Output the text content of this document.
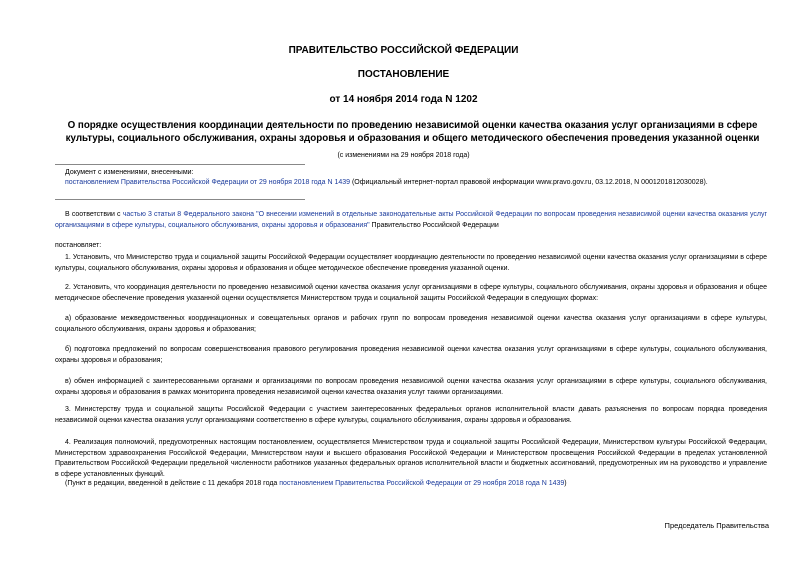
ПРАВИТЕЛЬСТВО РОССИЙСКОЙ ФЕДЕРАЦИИ
ПОСТАНОВЛЕНИЕ
от 14 ноября 2014 года N 1202
О порядке осуществления координации деятельности по проведению независимой оценки качества оказания услуг организациями в сфере культуры, социального обслуживания, охраны здоровья и образования и общего методического обеспечения проведения указанной оценки
(с изменениями на 29 ноября 2018 года)
Документ с изменениями, внесенными:
постановлением Правительства Российской Федерации от 29 ноября 2018 года N 1439 (Официальный интернет-портал правовой информации www.pravo.gov.ru, 03.12.2018, N 0001201812030028).
В соответствии с частью 3 статьи 8 Федерального закона "О внесении изменений в отдельные законодательные акты Российской Федерации по вопросам проведения независимой оценки качества оказания услуг организациями в сфере культуры, социального обслуживания, охраны здоровья и образования" Правительство Российской Федерации
постановляет:
1. Установить, что Министерство труда и социальной защиты Российской Федерации осуществляет координацию деятельности по проведению независимой оценки качества оказания услуг организациями в сфере культуры, социального обслуживания, охраны здоровья и образования и общее методическое обеспечение проведения указанной оценки.
2. Установить, что координация деятельности по проведению независимой оценки качества оказания услуг организациями в сфере культуры, социального обслуживания, охраны здоровья и образования и общее методическое обеспечение проведения указанной оценки осуществляется Министерством труда и социальной защиты Российской Федерации в следующих формах:
а) образование межведомственных координационных и совещательных органов и рабочих групп по вопросам проведения независимой оценки качества оказания услуг организациями в сфере культуры, социального обслуживания, охраны здоровья и образования;
б) подготовка предложений по вопросам совершенствования правового регулирования проведения независимой оценки качества оказания услуг организациями в сфере культуры, социального обслуживания, охраны здоровья и образования;
в) обмен информацией с заинтересованными органами и организациями по вопросам проведения независимой оценки качества оказания услуг организациями в сфере культуры, социального обслуживания, охраны здоровья и образования в рамках мониторинга проведения независимой оценки качества оказания услуг такими организациями.
3. Министерству труда и социальной защиты Российской Федерации с участием заинтересованных федеральных органов исполнительной власти давать разъяснения по вопросам порядка проведения независимой оценки качества оказания услуг организациями соответственно в сфере культуры, социального обслуживания, охраны здоровья и образования.
4. Реализация полномочий, предусмотренных настоящим постановлением, осуществляется Министерством труда и социальной защиты Российской Федерации, Министерством культуры Российской Федерации, Министерством здравоохранения Российской Федерации, Министерством науки и высшего образования Российской Федерации и Министерством просвещения Российской Федерации в пределах установленной Правительством Российской Федерации предельной численности работников указанных федеральных органов исполнительной власти и бюджетных ассигнований, предусмотренных им на руководство и управление в сфере установленных функций.
(Пункт в редакции, введенной в действие с 11 декабря 2018 года постановлением Правительства Российской Федерации от 29 ноября 2018 года N 1439)
Председатель Правительства
